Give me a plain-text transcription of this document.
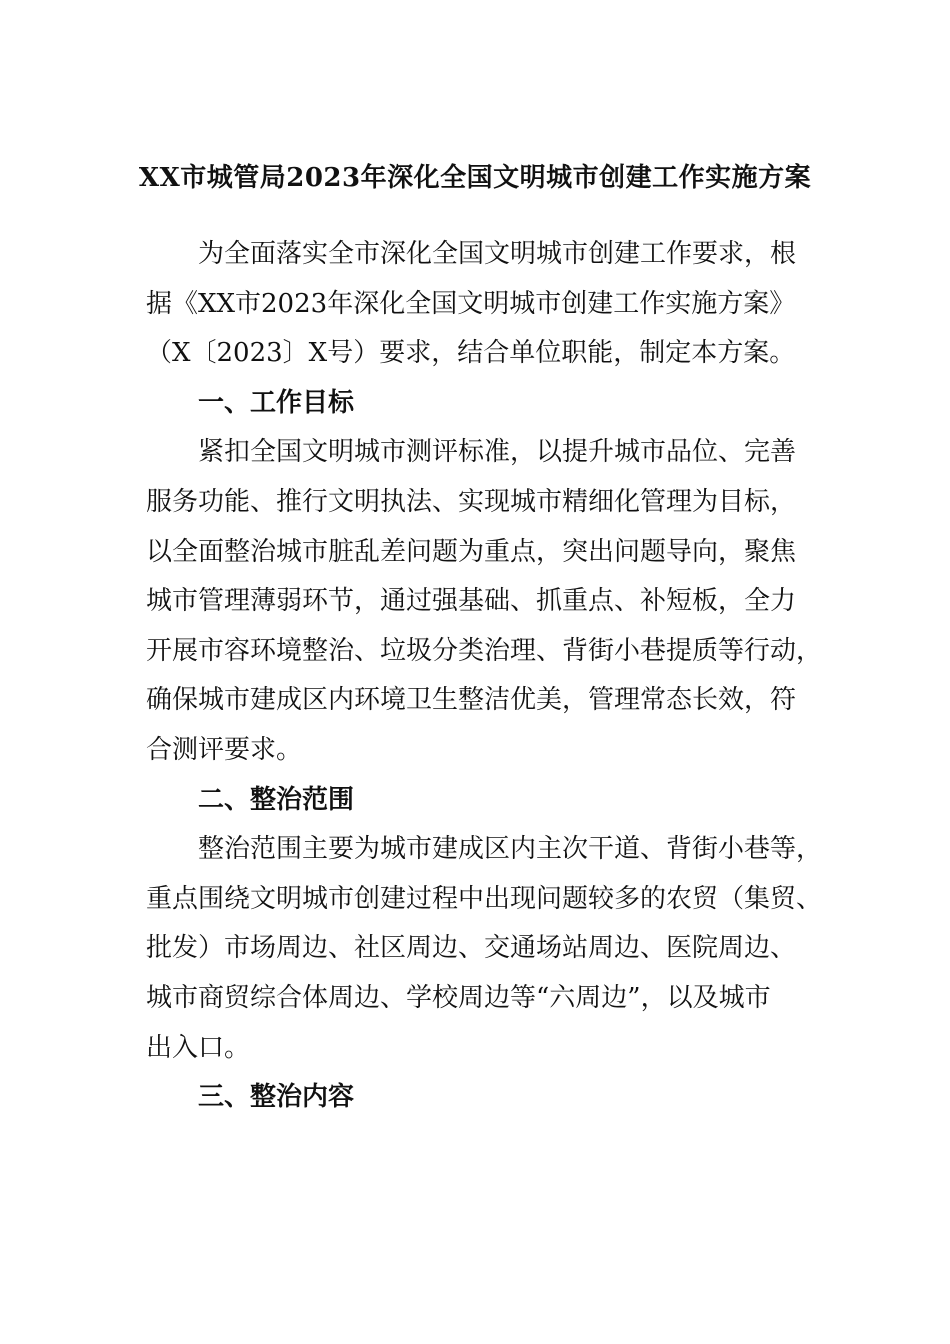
XX市城管局2023年深化全国文明城市创建工作实施方案

为全面落实全市深化全国文明城市创建工作要求，根
据《XX市2023年深化全国文明城市创建工作实施方案》
（X〔2023〕X号）要求，结合单位职能，制定本方案。

一、工作目标

紧扣全国文明城市测评标准，以提升城市品位、完善
服务功能、推行文明执法、实现城市精细化管理为目标，
以全面整治城市脏乱差问题为重点，突出问题导向，聚焦
城市管理薄弱环节，通过强基础、抓重点、补短板，全力
开展市容环境整治、垃圾分类治理、背街小巷提质等行动，
确保城市建成区内环境卫生整洁优美，管理常态长效，符
合测评要求。

二、整治范围

整治范围主要为城市建成区内主次干道、背街小巷等，
重点围绕文明城市创建过程中出现问题较多的农贸（集贸、
批发）市场周边、社区周边、交通场站周边、医院周边、
城市商贸综合体周边、学校周边等“六周边”，以及城市
出入口。

三、整治内容
